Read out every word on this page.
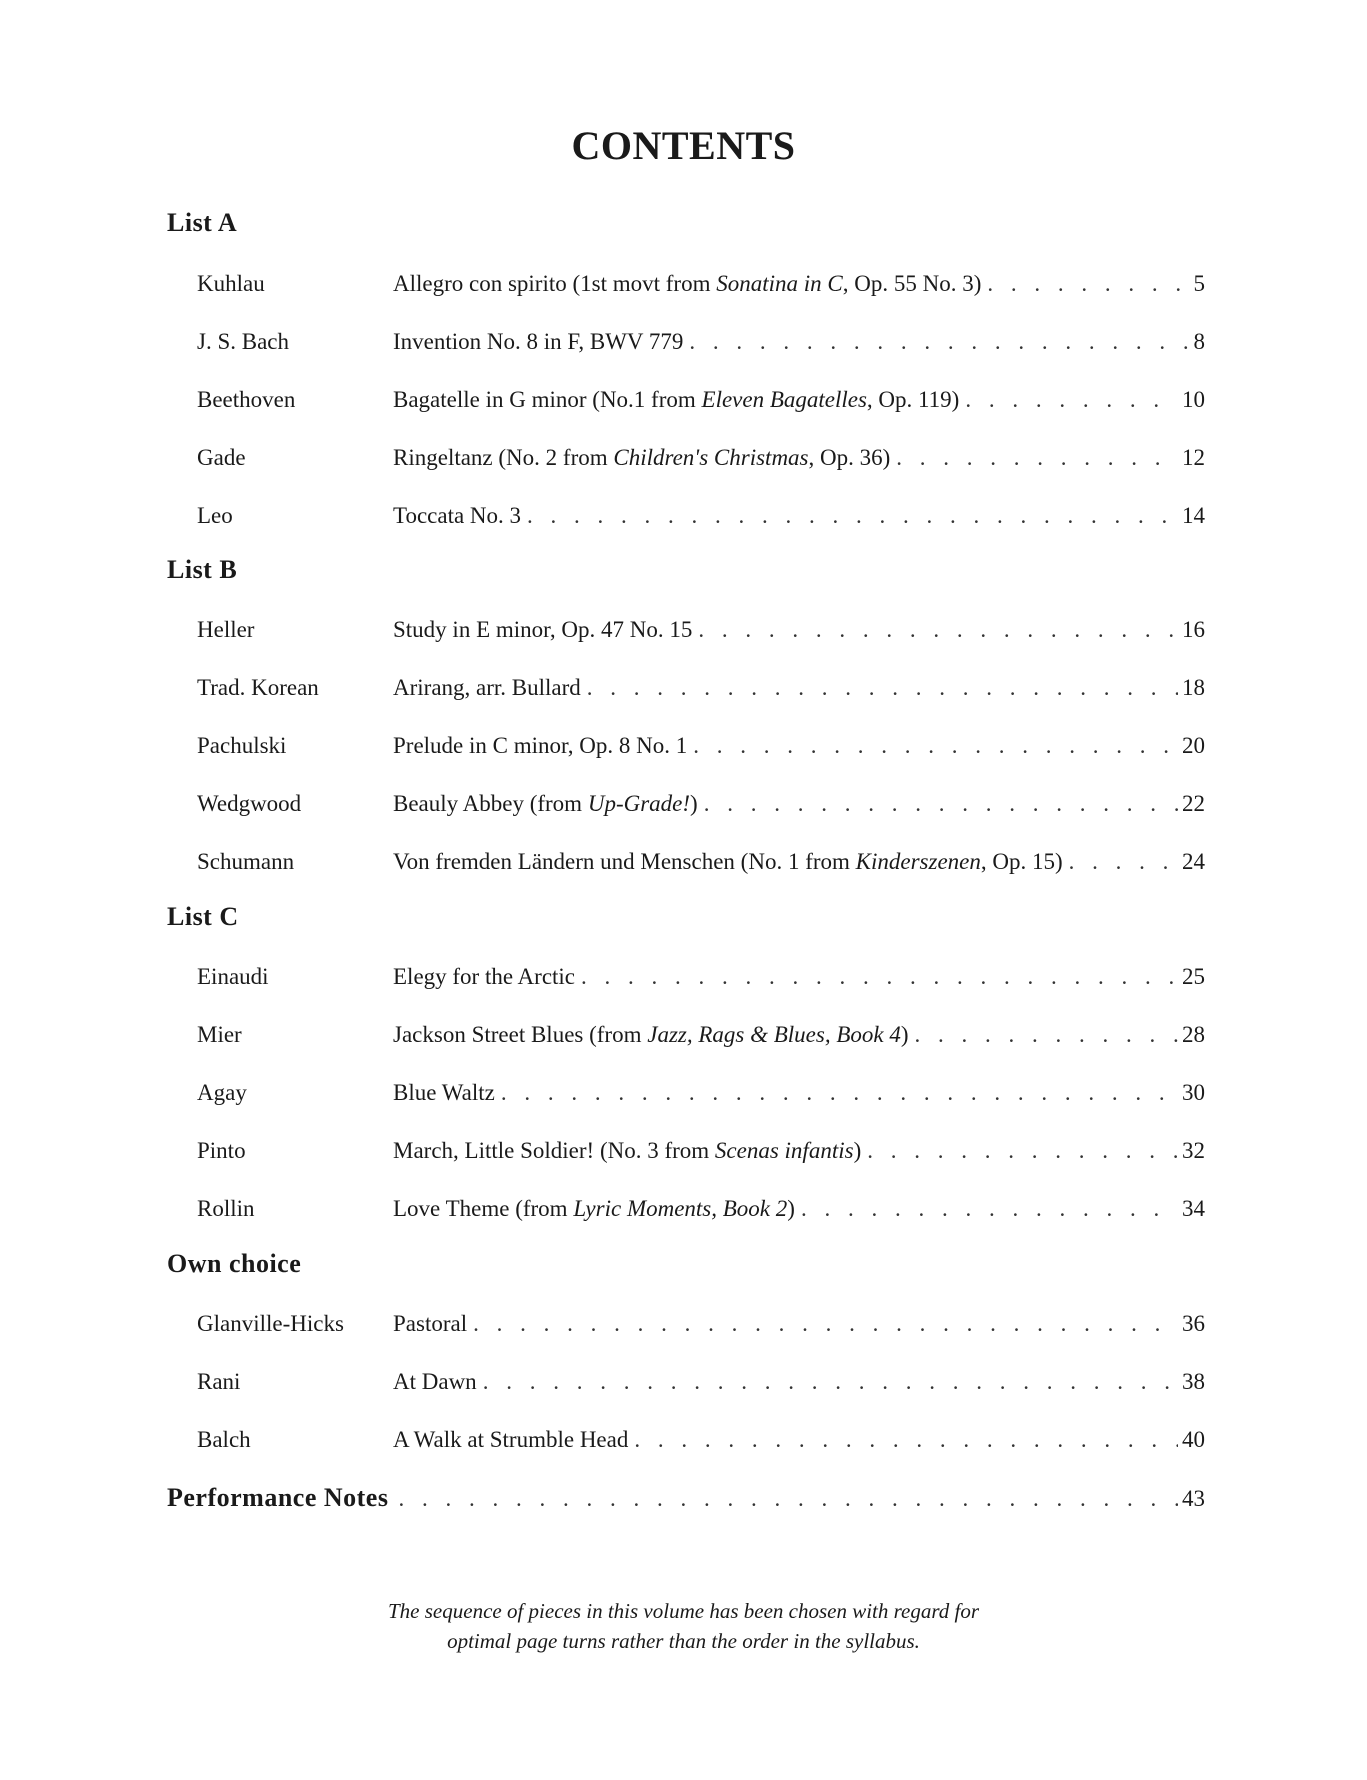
CONTENTS
List A
Kuhlau	Allegro con spirito (1st movt from Sonatina in C, Op. 55 No. 3) . . .	5
J. S. Bach	Invention No. 8 in F, BWV 779 . . .	8
Beethoven	Bagatelle in G minor (No.1 from Eleven Bagatelles, Op. 119) . . .	10
Gade	Ringeltanz (No. 2 from Children's Christmas, Op. 36) . . .	12
Leo	Toccata No. 3 . . .	14
List B
Heller	Study in E minor, Op. 47 No. 15 . . .	16
Trad. Korean	Arirang, arr. Bullard . . .	18
Pachulski	Prelude in C minor, Op. 8 No. 1 . . .	20
Wedgwood	Beauly Abbey (from Up-Grade!) . . .	22
Schumann	Von fremden Ländern und Menschen (No. 1 from Kinderszenen, Op. 15) . . .	24
List C
Einaudi	Elegy for the Arctic . . .	25
Mier	Jackson Street Blues (from Jazz, Rags & Blues, Book 4) . . .	28
Agay	Blue Waltz . . .	30
Pinto	March, Little Soldier! (No. 3 from Scenas infantis) . . .	32
Rollin	Love Theme (from Lyric Moments, Book 2) . . .	34
Own choice
Glanville-Hicks Pastoral . . .	36
Rani	At Dawn . . .	38
Balch	A Walk at Strumble Head . . .	40
Performance Notes . . .	43
The sequence of pieces in this volume has been chosen with regard for
optimal page turns rather than the order in the syllabus.
